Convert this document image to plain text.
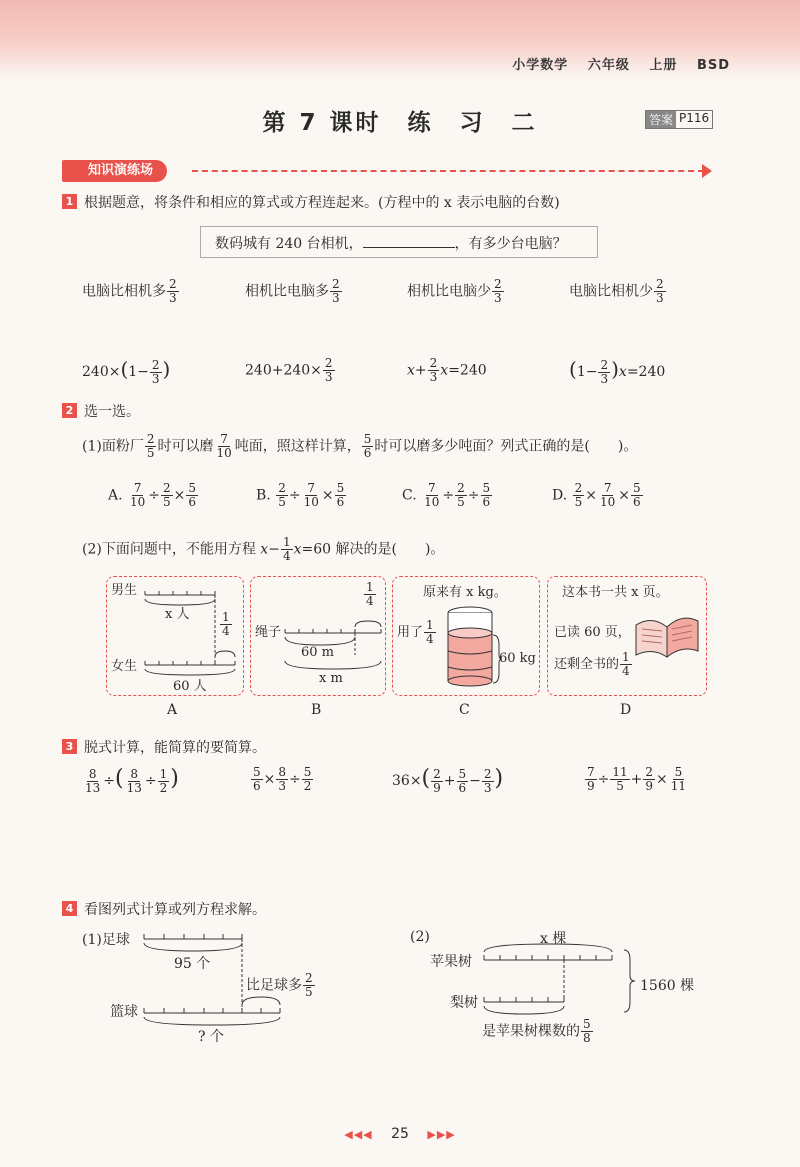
小学数学 六年级 上册 BSD
第 7 课时　练　习　二	答案 P116
知识演练场
1 根据题意，将条件和相应的算式或方程连起来。(方程中的 x 表示电脑的台数)
数码城有 240 台相机，	，有多少台电脑？
电脑比相机多 $\frac{2}{3}$	相机比电脑多 $\frac{2}{3}$	相机比电脑少 $\frac{2}{3}$	电脑比相机少 $\frac{2}{3}$
$240\times(1- \frac{2}{3}$ )	$240+240\times \frac{2}{3}$	$x+ \frac{2}{3} x=240$	$(1- \frac{2}{3} )x=240$
2 选一选。
(1)面粉厂 $\frac{2}{5}$ 时可以磨 $\frac{7}{10}$ 吨面，照这样计算， $\frac{5}{6}$ 时可以磨多少吨面？列式正确的是(　　)。
A. $\frac{7}{10} \div \frac{2}{5} \times \frac{5}{6}$	B. $\frac{2}{5} \div \frac{7}{10} \times \frac{5}{6}$	C. $\frac{7}{10} \div \frac{2}{5} \div \frac{5}{6}$	D. $\frac{2}{5} \times \frac{7}{10} \times \frac{5}{6}$
(2)下面问题中，不能用方程 $x- \frac{1}{4} x=60$ 解决的是(　　)。
男生
x 人	$\frac{1}{4}$
女生
60 人
$\frac{1}{4}$
绳子
60 m
x m
原来有 x kg。
用了 $\frac{1}{4}$
60 kg
这本书一共 x 页。
已读 60 页，
还剩全书的 $\frac{1}{4}$
A	B	C	D
3 脱式计算，能简算的要简算。
$\frac{8}{13}$ ÷( $\frac{8}{13} \div \frac{1}{2}$ )	$\frac{5}{6} \times \frac{8}{3} \div \frac{5}{2}$	$36\times( \frac{2}{9} + \frac{5}{6} - \frac{2}{3}$ )	$\frac{7}{9} \div \frac{11}{5} + \frac{2}{9} \times \frac{5}{11}$
4 看图列式计算或列方程求解。
(1)足球
95 个
比足球多 $\frac{2}{5}$
篮球
? 个
(2)	x 棵
苹果树
1560 棵
梨树
是苹果树棵数的 $\frac{5}{8}$
◀◀◀ 25 ▶▶▶
